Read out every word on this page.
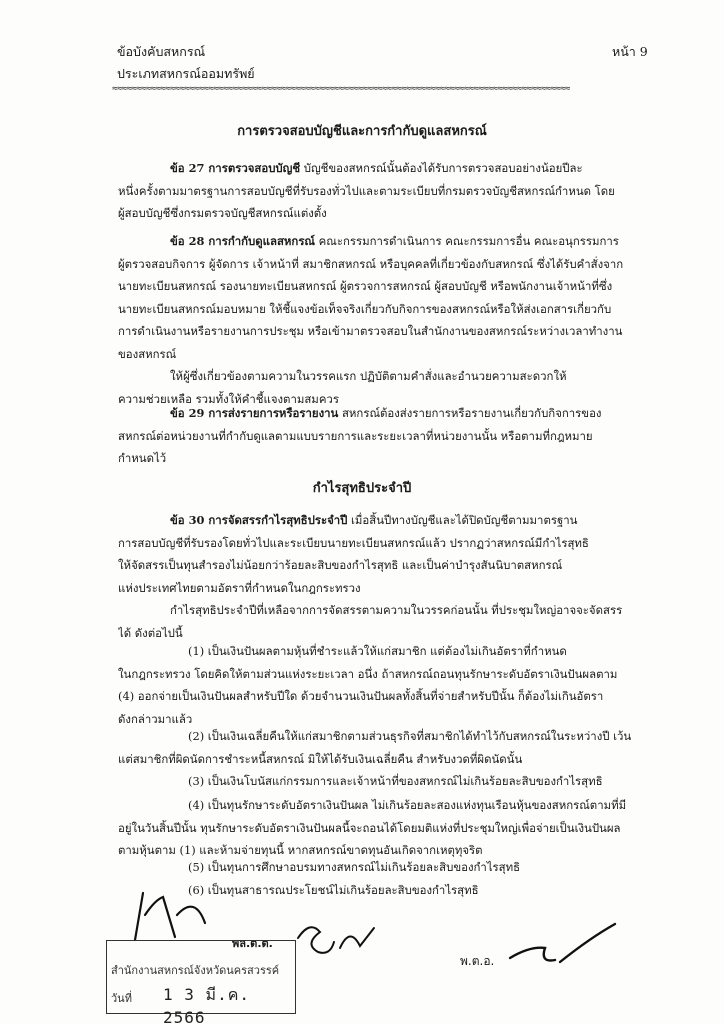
ข้อบังคับสหกรณ์
ประเภทสหกรณ์ออมทรัพย์
หน้า 9
≈≈≈≈≈≈≈≈≈≈≈≈≈≈≈≈≈≈≈≈≈≈≈≈≈≈≈≈≈≈≈≈≈≈≈≈≈≈≈≈≈≈≈≈≈≈≈≈≈≈≈≈≈≈≈≈≈≈≈≈≈≈≈≈≈≈≈≈≈≈≈≈≈≈≈≈≈≈≈≈≈≈≈≈≈≈≈≈≈≈≈≈≈≈≈
การตรวจสอบบัญชีและการกำกับดูแลสหกรณ์
ข้อ 27 การตรวจสอบบัญชี บัญชีของสหกรณ์นั้นต้องได้รับการตรวจสอบอย่างน้อยปีละ
หนึ่งครั้งตามมาตรฐานการสอบบัญชีที่รับรองทั่วไปและตามระเบียบที่กรมตรวจบัญชีสหกรณ์กำหนด โดย
ผู้สอบบัญชีซึ่งกรมตรวจบัญชีสหกรณ์แต่งตั้ง
ข้อ 28 การกำกับดูแลสหกรณ์ คณะกรรมการดำเนินการ คณะกรรมการอื่น คณะอนุกรรมการ
ผู้ตรวจสอบกิจการ ผู้จัดการ เจ้าหน้าที่ สมาชิกสหกรณ์ หรือบุคคลที่เกี่ยวข้องกับสหกรณ์ ซึ่งได้รับคำสั่งจาก
นายทะเบียนสหกรณ์ รองนายทะเบียนสหกรณ์ ผู้ตรวจการสหกรณ์ ผู้สอบบัญชี หรือพนักงานเจ้าหน้าที่ซึ่ง
นายทะเบียนสหกรณ์มอบหมาย ให้ชี้แจงข้อเท็จจริงเกี่ยวกับกิจการของสหกรณ์หรือให้ส่งเอกสารเกี่ยวกับ
การดำเนินงานหรือรายงานการประชุม หรือเข้ามาตรวจสอบในสำนักงานของสหกรณ์ระหว่างเวลาทำงาน
ของสหกรณ์
ให้ผู้ซึ่งเกี่ยวข้องตามความในวรรคแรก ปฏิบัติตามคำสั่งและอำนวยความสะดวกให้
ความช่วยเหลือ รวมทั้งให้คำชี้แจงตามสมควร
ข้อ 29 การส่งรายการหรือรายงาน สหกรณ์ต้องส่งรายการหรือรายงานเกี่ยวกับกิจการของ
สหกรณ์ต่อหน่วยงานที่กำกับดูแลตามแบบรายการและระยะเวลาที่หน่วยงานนั้น หรือตามที่กฎหมาย
กำหนดไว้
กำไรสุทธิประจำปี
ข้อ 30 การจัดสรรกำไรสุทธิประจำปี เมื่อสิ้นปีทางบัญชีและได้ปิดบัญชีตามมาตรฐาน
การสอบบัญชีที่รับรองโดยทั่วไปและระเบียบนายทะเบียนสหกรณ์แล้ว ปรากฏว่าสหกรณ์มีกำไรสุทธิ
ให้จัดสรรเป็นทุนสำรองไม่น้อยกว่าร้อยละสิบของกำไรสุทธิ และเป็นค่าบำรุงสันนิบาตสหกรณ์
แห่งประเทศไทยตามอัตราที่กำหนดในกฎกระทรวง
กำไรสุทธิประจำปีที่เหลือจากการจัดสรรตามความในวรรคก่อนนั้น ที่ประชุมใหญ่อาจจะจัดสรร
ได้ ดังต่อไปนี้
(1) เป็นเงินปันผลตามหุ้นที่ชำระแล้วให้แก่สมาชิก แต่ต้องไม่เกินอัตราที่กำหนด
ในกฎกระทรวง โดยคิดให้ตามส่วนแห่งระยะเวลา อนึ่ง ถ้าสหกรณ์ถอนทุนรักษาระดับอัตราเงินปันผลตาม
(4) ออกจ่ายเป็นเงินปันผลสำหรับปีใด ด้วยจำนวนเงินปันผลทั้งสิ้นที่จ่ายสำหรับปีนั้น ก็ต้องไม่เกินอัตรา
ดังกล่าวมาแล้ว
(2) เป็นเงินเฉลี่ยคืนให้แก่สมาชิกตามส่วนธุรกิจที่สมาชิกได้ทำไว้กับสหกรณ์ในระหว่างปี เว้น
แต่สมาชิกที่ผิดนัดการชำระหนี้สหกรณ์ มิให้ได้รับเงินเฉลี่ยคืน สำหรับงวดที่ผิดนัดนั้น
(3) เป็นเงินโบนัสแก่กรรมการและเจ้าหน้าที่ของสหกรณ์ไม่เกินร้อยละสิบของกำไรสุทธิ
(4) เป็นทุนรักษาระดับอัตราเงินปันผล ไม่เกินร้อยละสองแห่งทุนเรือนหุ้นของสหกรณ์ตามที่มี
อยู่ในวันสิ้นปีนั้น ทุนรักษาระดับอัตราเงินปันผลนี้จะถอนได้โดยมติแห่งที่ประชุมใหญ่เพื่อจ่ายเป็นเงินปันผล
ตามหุ้นตาม (1) และห้ามจ่ายทุนนี้ หากสหกรณ์ขาดทุนอันเกิดจากเหตุทุจริต
(5) เป็นทุนการศึกษาอบรมทางสหกรณ์ไม่เกินร้อยละสิบของกำไรสุทธิ
(6) เป็นทุนสาธารณประโยชน์ไม่เกินร้อยละสิบของกำไรสุทธิ
พล.ต.ต.
สำนักงานสหกรณ์จังหวัดนครสวรรค์
วันที่ 1 3 มี.ค. 2566
พ.ต.อ.
